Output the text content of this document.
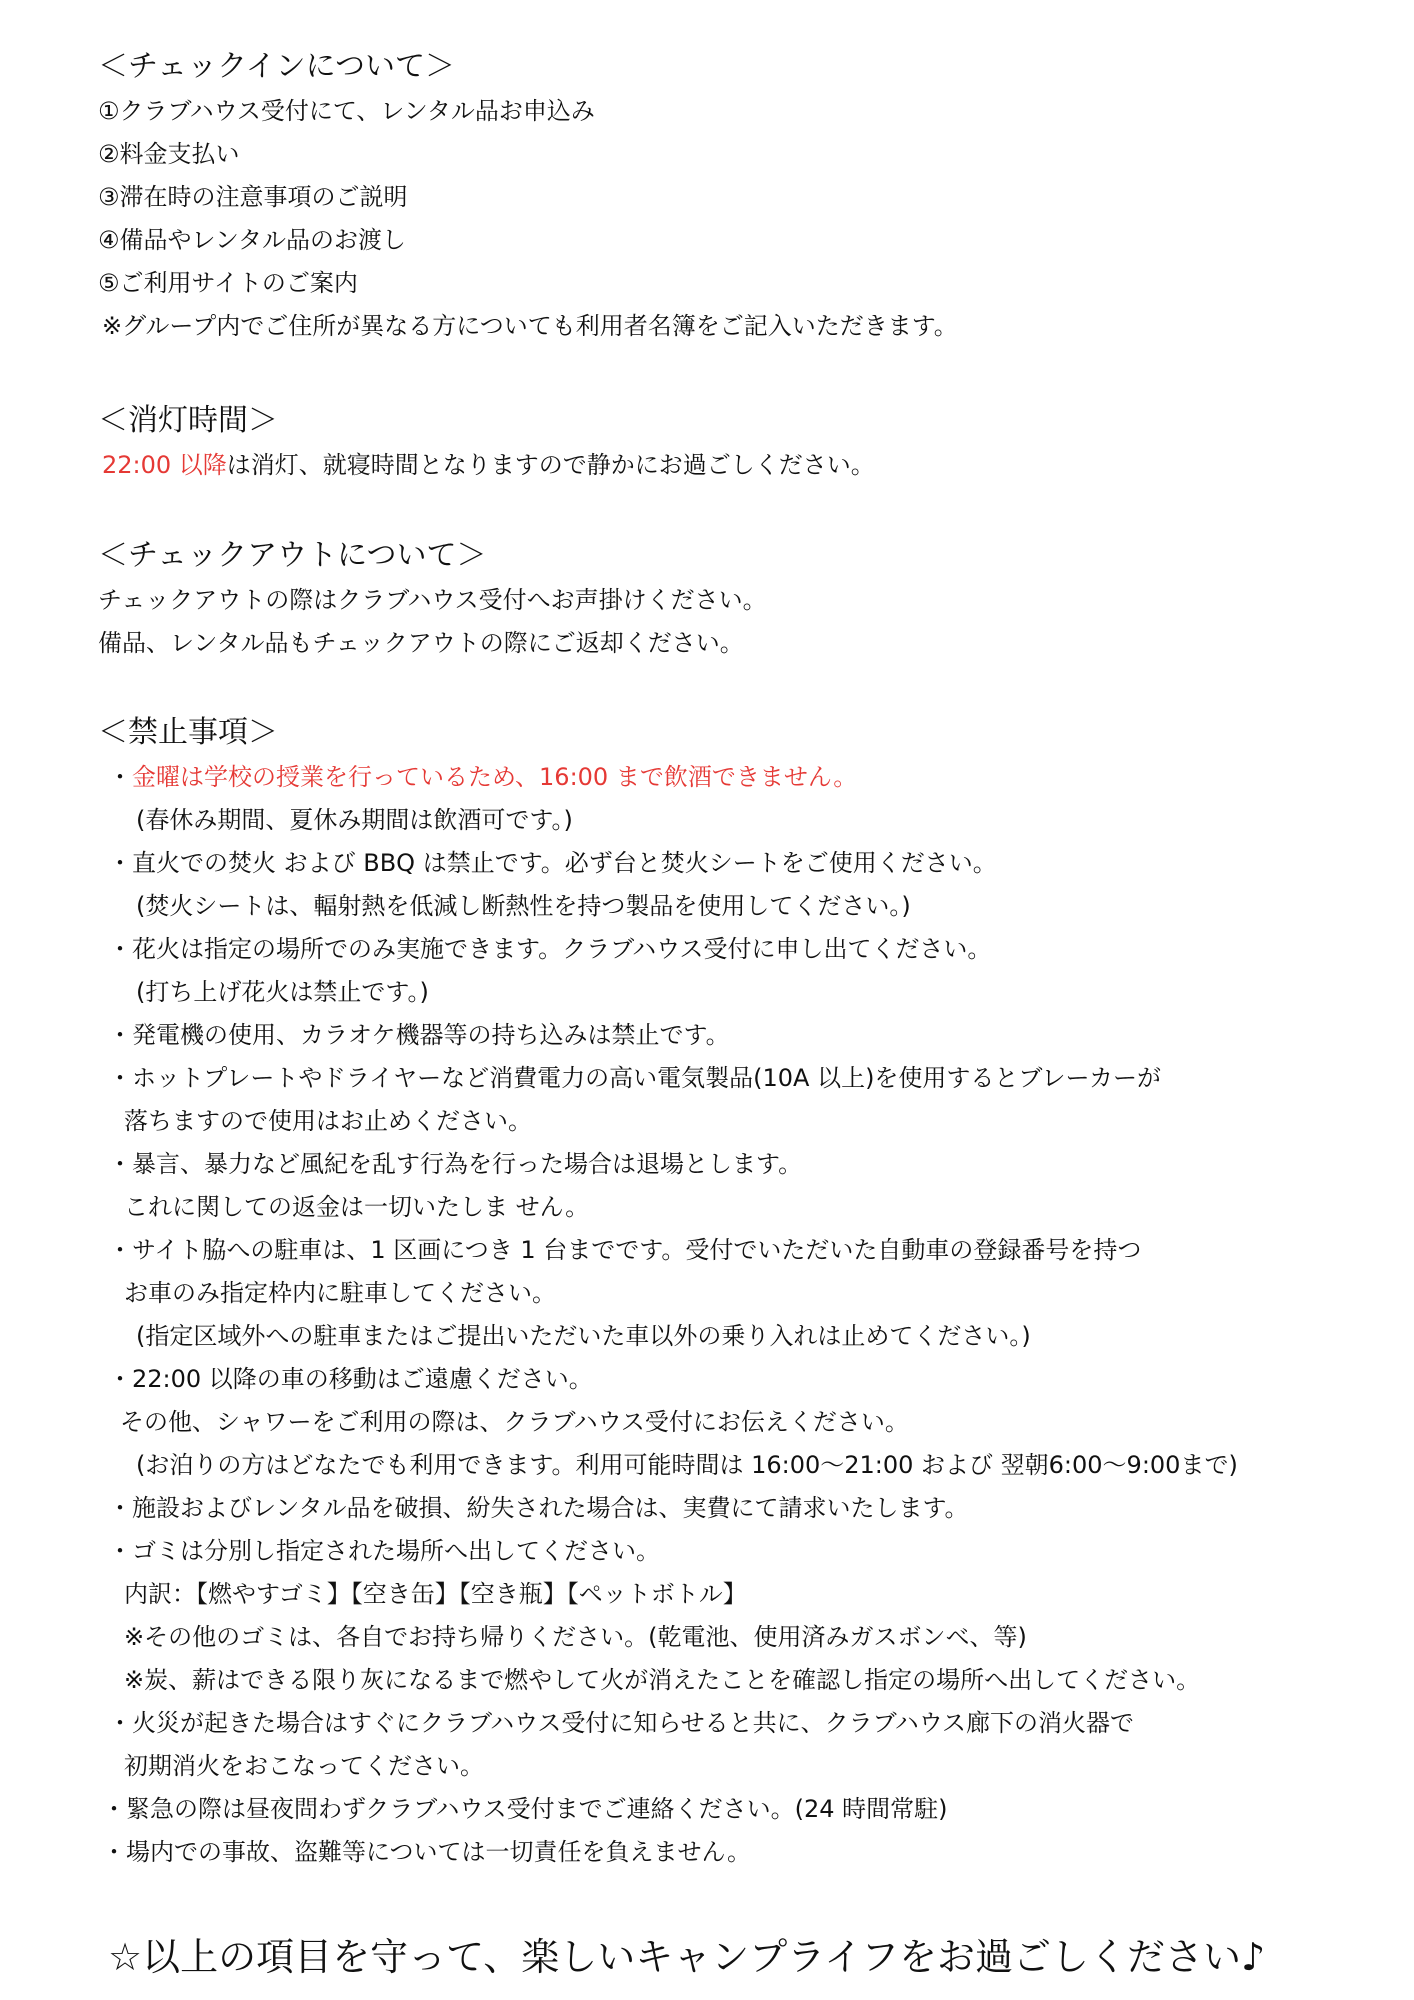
＜チェックインについて＞
①クラブハウス受付にて、レンタル品お申込み
②料金支払い
③滞在時の注意事項のご説明
④備品やレンタル品のお渡し
⑤ご利用サイトのご案内
※グループ内でご住所が異なる方についても利用者名簿をご記入いただきます。
＜消灯時間＞
22:00 以降は消灯、就寝時間となりますので静かにお過ごしください。
＜チェックアウトについて＞
チェックアウトの際はクラブハウス受付へお声掛けください。
備品、レンタル品もチェックアウトの際にご返却ください。
＜禁止事項＞
・金曜は学校の授業を行っているため、16:00 まで飲酒できません。
(春休み期間、夏休み期間は飲酒可です。)
・直火での焚火 および BBQ は禁止です。必ず台と焚火シートをご使用ください。
(焚火シートは、輻射熱を低減し断熱性を持つ製品を使用してください。)
・花火は指定の場所でのみ実施できます。クラブハウス受付に申し出てください。
(打ち上げ花火は禁止です。)
・発電機の使用、カラオケ機器等の持ち込みは禁止です。
・ホットプレートやドライヤーなど消費電力の高い電気製品(10A 以上)を使用するとブレーカーが
落ちますので使用はお止めください。
・暴言、暴力など風紀を乱す行為を行った場合は退場とします。
これに関しての返金は一切いたしま せん。
・サイト脇への駐車は、1 区画につき 1 台までです。受付でいただいた自動車の登録番号を持つ
お車のみ指定枠内に駐車してください。
(指定区域外への駐車またはご提出いただいた車以外の乗り入れは止めてください。)
・22:00 以降の車の移動はご遠慮ください。
その他、シャワーをご利用の際は、クラブハウス受付にお伝えください。
(お泊りの方はどなたでも利用できます。利用可能時間は 16:00〜21:00 および 翌朝6:00〜9:00まで)
・施設およびレンタル品を破損、紛失された場合は、実費にて請求いたします。
・ゴミは分別し指定された場所へ出してください。
内訳：【燃やすゴミ】【空き缶】【空き瓶】【ペットボトル】
※その他のゴミは、各自でお持ち帰りください。(乾電池、使用済みガスボンベ、等)
※炭、薪はできる限り灰になるまで燃やして火が消えたことを確認し指定の場所へ出してください。
・火災が起きた場合はすぐにクラブハウス受付に知らせると共に、クラブハウス廊下の消火器で
初期消火をおこなってください。
・緊急の際は昼夜問わずクラブハウス受付までご連絡ください。(24 時間常駐)
・場内での事故、盗難等については一切責任を負えません。
☆以上の項目を守って、楽しいキャンプライフをお過ごしください♪
